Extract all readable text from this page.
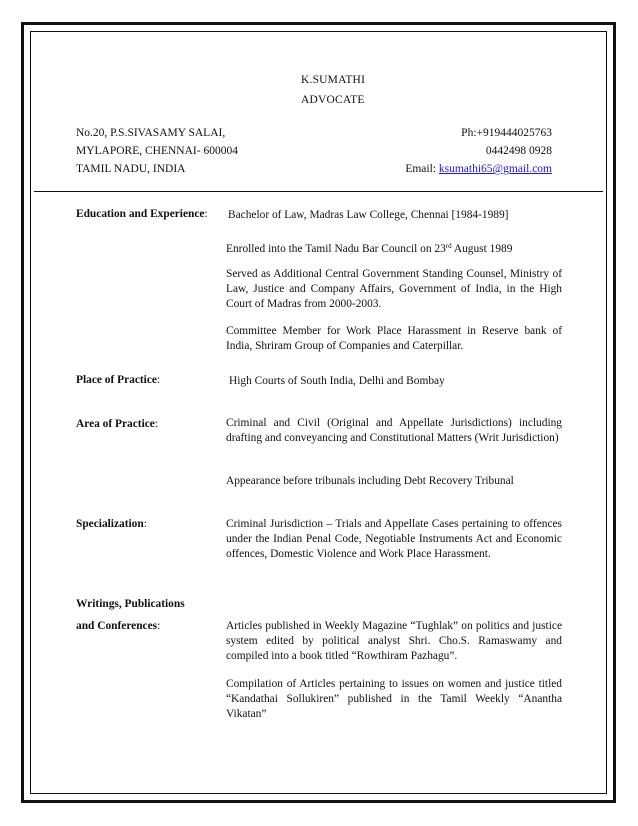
K.SUMATHI
ADVOCATE
No.20, P.S.SIVASAMY SALAI,
MYLAPORE, CHENNAI- 600004
TAMIL NADU, INDIA
Ph:+919444025763
0442498 0928
Email: ksumathi65@gmail.com
Education and Experience: Bachelor of Law, Madras Law College, Chennai [1984-1989]
Enrolled into the Tamil Nadu Bar Council on 23rd August 1989
Served as Additional Central Government Standing Counsel, Ministry of Law, Justice and Company Affairs, Government of India, in the High Court of Madras from 2000-2003.
Committee Member for Work Place Harassment in Reserve bank of India, Shriram Group of Companies and Caterpillar.
Place of Practice:	High Courts of South India, Delhi and Bombay
Area of Practice:	Criminal and Civil (Original and Appellate Jurisdictions) including drafting and conveyancing and Constitutional Matters (Writ Jurisdiction)
Appearance before tribunals including Debt Recovery Tribunal
Specialization:	Criminal Jurisdiction – Trials and Appellate Cases pertaining to offences under the Indian Penal Code, Negotiable Instruments Act and Economic offences, Domestic Violence and Work Place Harassment.
Writings, Publications
and Conferences:	Articles published in Weekly Magazine “Tughlak” on politics and justice system edited by political analyst Shri. Cho.S. Ramaswamy and compiled into a book titled “Rowthiram Pazhagu”.
Compilation of Articles pertaining to issues on women and justice titled “Kandathai Sollukiren” published in the Tamil Weekly “Anantha Vikatan”
